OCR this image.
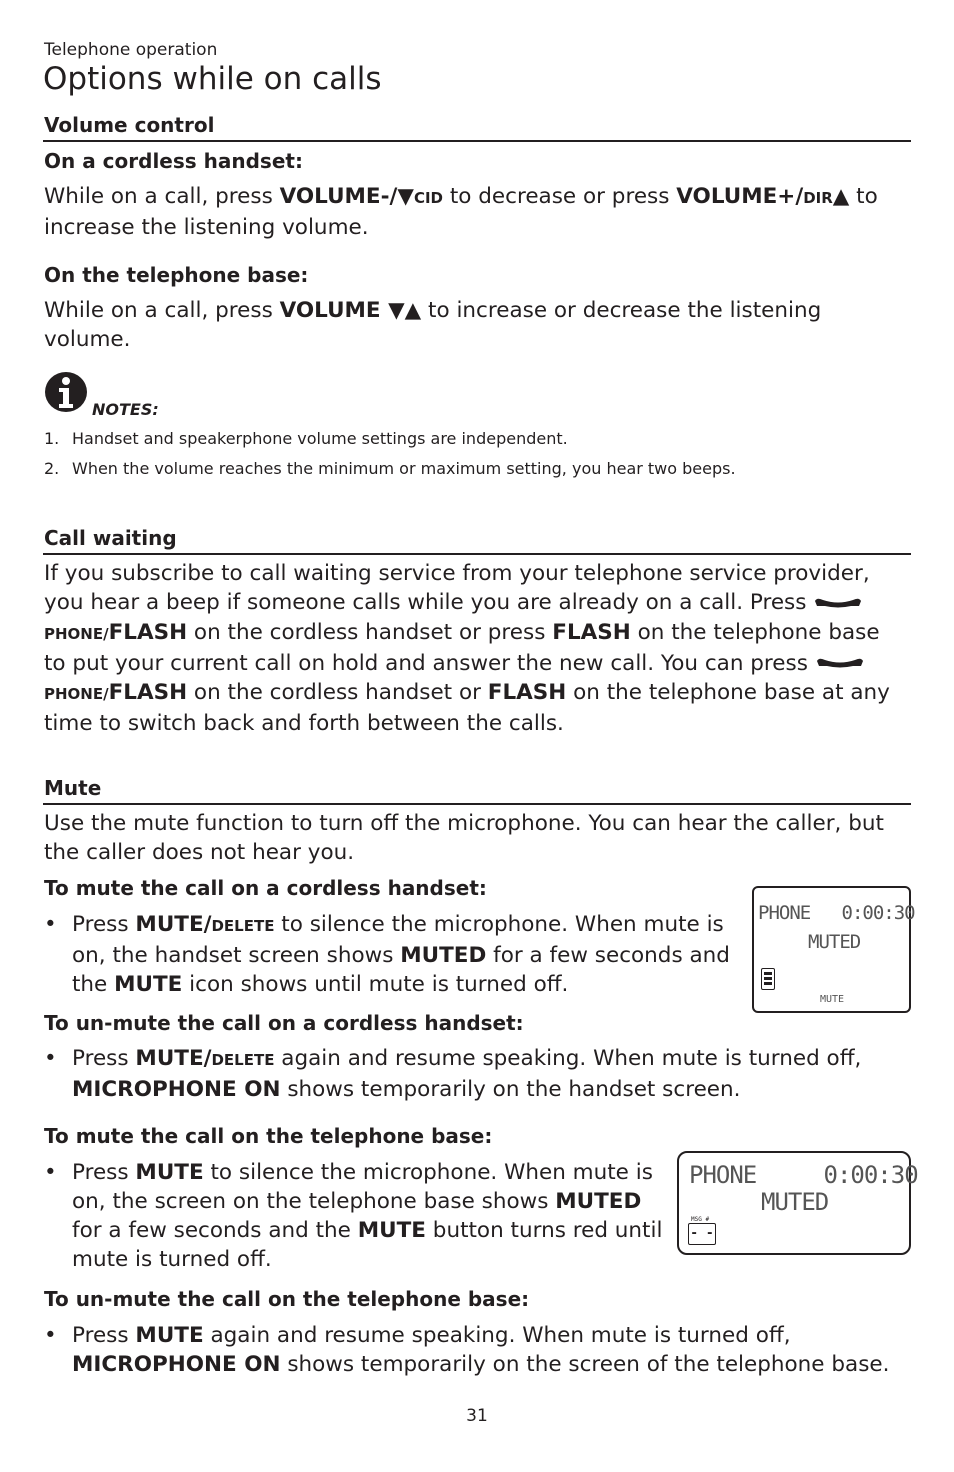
Telephone operation
Options while on calls
Volume control
On a cordless handset:

While on a call, press VOLUME-/▼CID to decrease or press VOLUME+/DIR▲ to
increase the listening volume.

On the telephone base:

While on a call, press VOLUME ▼▲ to increase or decrease the listening
volume.

NOTES:

1. Handset and speakerphone volume settings are independent.

2. When the volume reaches the minimum or maximum setting, you hear two beeps.

Call waiting

If you subscribe to call waiting service from your telephone service provider,
you hear a beep if someone calls while you are already on a call. Press
PHONE/FLASH on the cordless handset or press FLASH on the telephone base
to put your current call on hold and answer the new call. You can press
PHONE/FLASH on the cordless handset or FLASH on the telephone base at any
time to switch back and forth between the calls.

Mute

Use the mute function to turn off the microphone. You can hear the caller, but
the caller does not hear you.

To mute the call on a cordless handset:
• Press MUTE/DELETE to silence the microphone. When mute is
on, the handset screen shows MUTED for a few seconds and
the MUTE icon shows until mute is turned off.
PHONE   0:00:30
MUTED
MUTE
To un-mute the call on a cordless handset:
• Press MUTE/DELETE again and resume speaking. When mute is turned off,
MICROPHONE ON shows temporarily on the handset screen.
To mute the call on the telephone base:
• Press MUTE to silence the microphone. When mute is
on, the screen on the telephone base shows MUTED
for a few seconds and the MUTE button turns red until
mute is turned off.
PHONE     0:00:30
MUTED
MSG #
- -
To un-mute the call on the telephone base:
• Press MUTE again and resume speaking. When mute is turned off,
MICROPHONE ON shows temporarily on the screen of the telephone base.
31
